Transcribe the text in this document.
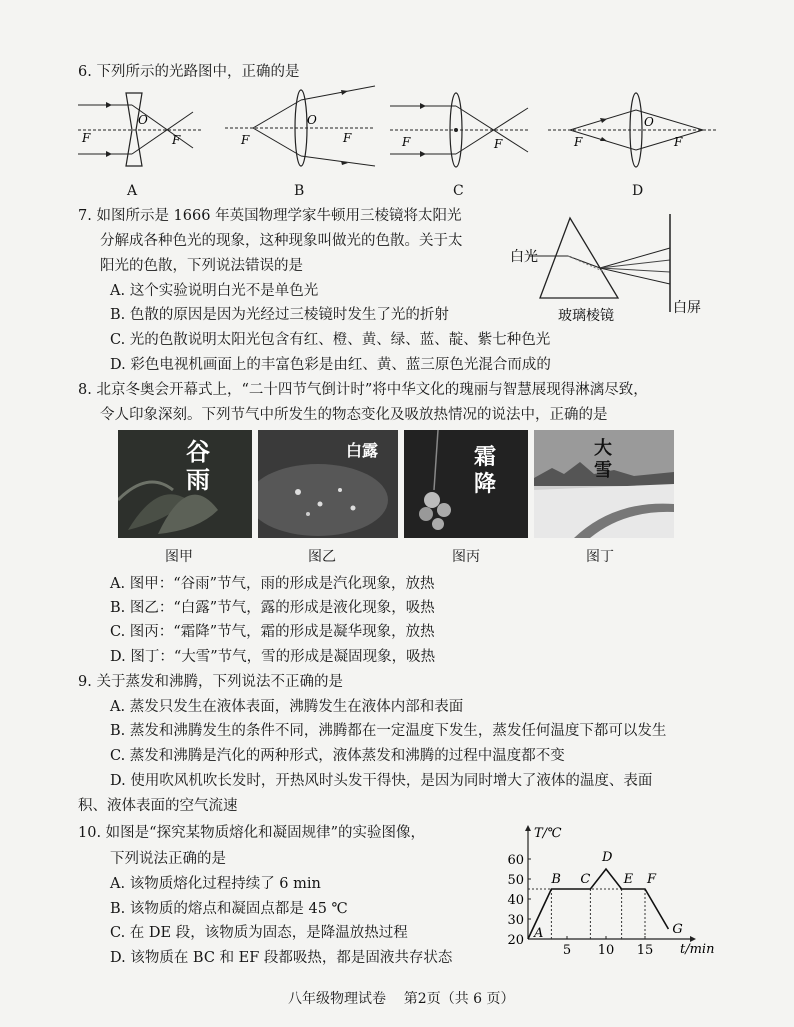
6. 下列所示的光路图中，正确的是
F
O
F	F
O
F	F	F	F
O
F
A	B	C	D
7. 如图所示是 1666 年英国物理学家牛顿用三棱镜将太阳光
分解成各种色光的现象，这种现象叫做光的色散。关于太
阳光的色散，下列说法错误的是
A. 这个实验说明白光不是单色光
B. 色散的原因是因为光经过三棱镜时发生了光的折射
C. 光的色散说明太阳光包含有红、橙、黄、绿、蓝、靛、紫七种色光
D. 彩色电视机画面上的丰富色彩是由红、黄、蓝三原色光混合而成的
白光
玻璃棱镜	白屏
8. 北京冬奥会开幕式上，“二十四节气倒计时”将中华文化的瑰丽与智慧展现得淋漓尽致，
令人印象深刻。下列节气中所发生的物态变化及吸放热情况的说法中，正确的是
谷雨
白露	霜降
大雪
图甲	图乙	图丙	图丁
A. 图甲：“谷雨”节气，雨的形成是汽化现象，放热
B. 图乙：“白露”节气，露的形成是液化现象，吸热
C. 图丙：“霜降”节气，霜的形成是凝华现象，放热
D. 图丁：“大雪”节气，雪的形成是凝固现象，吸热
9. 关于蒸发和沸腾，下列说法不正确的是
A. 蒸发只发生在液体表面，沸腾发生在液体内部和表面
B. 蒸发和沸腾发生的条件不同，沸腾都在一定温度下发生，蒸发任何温度下都可以发生
C. 蒸发和沸腾是汽化的两种形式，液体蒸发和沸腾的过程中温度都不变
D. 使用吹风机吹长发时，开热风时头发干得快，是因为同时增大了液体的温度、表面
积、液体表面的空气流速
10. 如图是“探究某物质熔化和凝固规律”的实验图像，
下列说法正确的是
A. 该物质熔化过程持续了 6 min
B. 该物质的熔点和凝固点都是 45 ℃
C. 在 DE 段，该物质为固态，是降温放热过程
D. 该物质在 BC 和 EF 段都吸热，都是固液共存状态
T/℃
t/min
20
30
40
50
60
5 10 15
A
B C
D
E F
G
八年级物理试卷    第2页（共 6 页）
